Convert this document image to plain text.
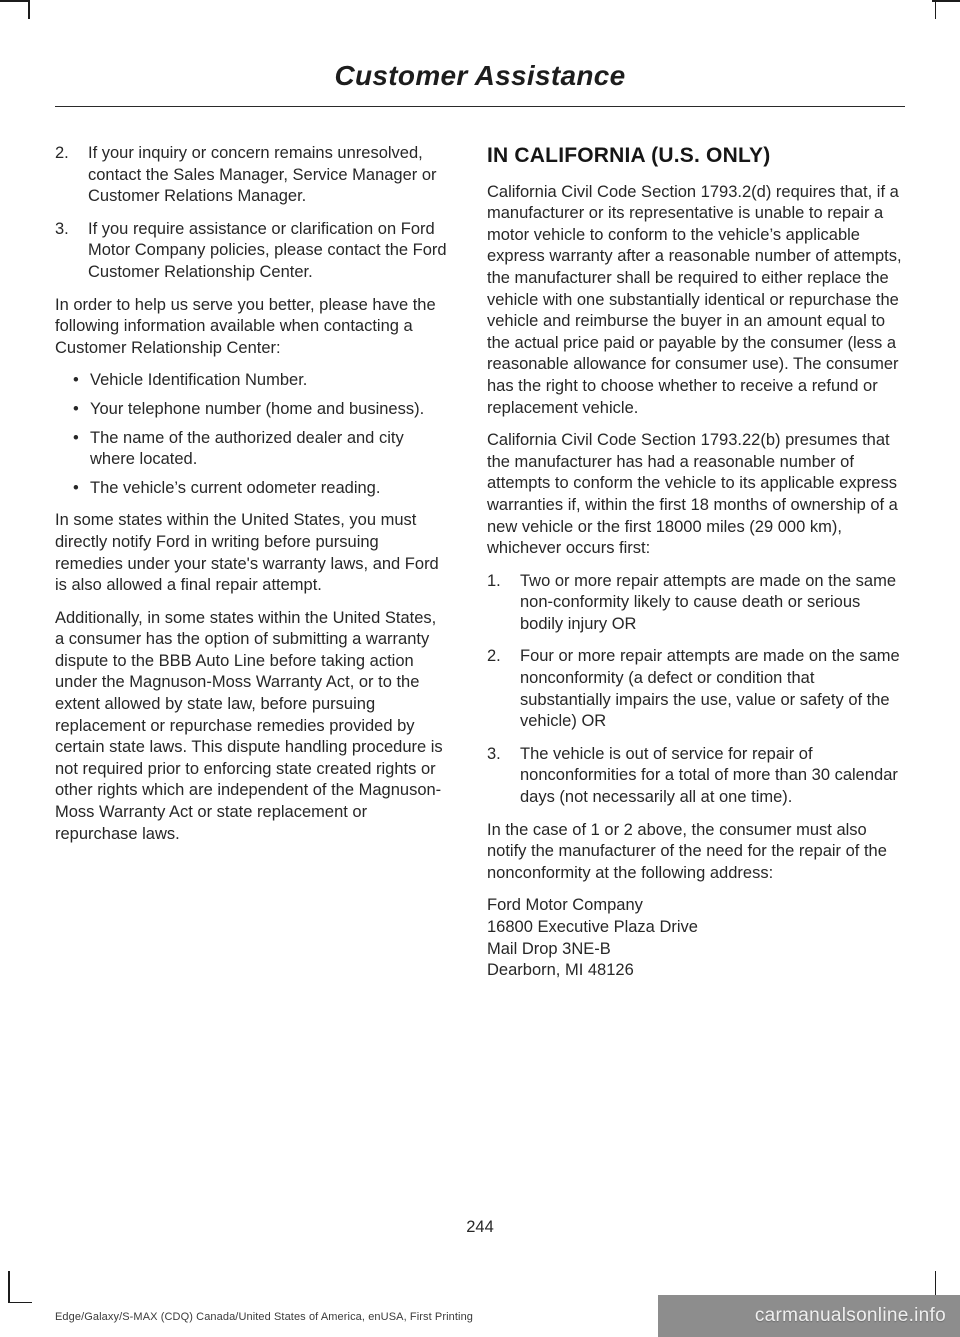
Customer Assistance
2.	If your inquiry or concern remains unresolved, contact the Sales Manager, Service Manager or Customer Relations Manager.
3.	If you require assistance or clarification on Ford Motor Company policies, please contact the Ford Customer Relationship Center.

In order to help us serve you better, please have the following information available when contacting a Customer Relationship Center:

• Vehicle Identification Number.
• Your telephone number (home and business).
• The name of the authorized dealer and city where located.
• The vehicle’s current odometer reading.

In some states within the United States, you must directly notify Ford in writing before pursuing remedies under your state's warranty laws, and Ford is also allowed a final repair attempt.

Additionally, in some states within the United States, a consumer has the option of submitting a warranty dispute to the BBB Auto Line before taking action under the Magnuson-Moss Warranty Act, or to the extent allowed by state law, before pursuing replacement or repurchase remedies provided by certain state laws. This dispute handling procedure is not required prior to enforcing state created rights or other rights which are independent of the Magnuson-Moss Warranty Act or state replacement or repurchase laws.

IN CALIFORNIA (U.S. ONLY)

California Civil Code Section 1793.2(d) requires that, if a manufacturer or its representative is unable to repair a motor vehicle to conform to the vehicle’s applicable express warranty after a reasonable number of attempts, the manufacturer shall be required to either replace the vehicle with one substantially identical or repurchase the vehicle and reimburse the buyer in an amount equal to the actual price paid or payable by the consumer (less a reasonable allowance for consumer use). The consumer has the right to choose whether to receive a refund or replacement vehicle.

California Civil Code Section 1793.22(b) presumes that the manufacturer has had a reasonable number of attempts to conform the vehicle to its applicable express warranties if, within the first 18 months of ownership of a new vehicle or the first 18000 miles (29 000 km), whichever occurs first:

1.	Two or more repair attempts are made on the same non-conformity likely to cause death or serious bodily injury OR
2.	Four or more repair attempts are made on the same nonconformity (a defect or condition that substantially impairs the use, value or safety of the vehicle) OR
3.	The vehicle is out of service for repair of nonconformities for a total of more than 30 calendar days (not necessarily all at one time).

In the case of 1 or 2 above, the consumer must also notify the manufacturer of the need for the repair of the nonconformity at the following address:

Ford Motor Company
16800 Executive Plaza Drive
Mail Drop 3NE-B
Dearborn, MI 48126
244
Edge/Galaxy/S-MAX (CDQ) Canada/United States of America, enUSA, First Printing	carmanualsonline.info
